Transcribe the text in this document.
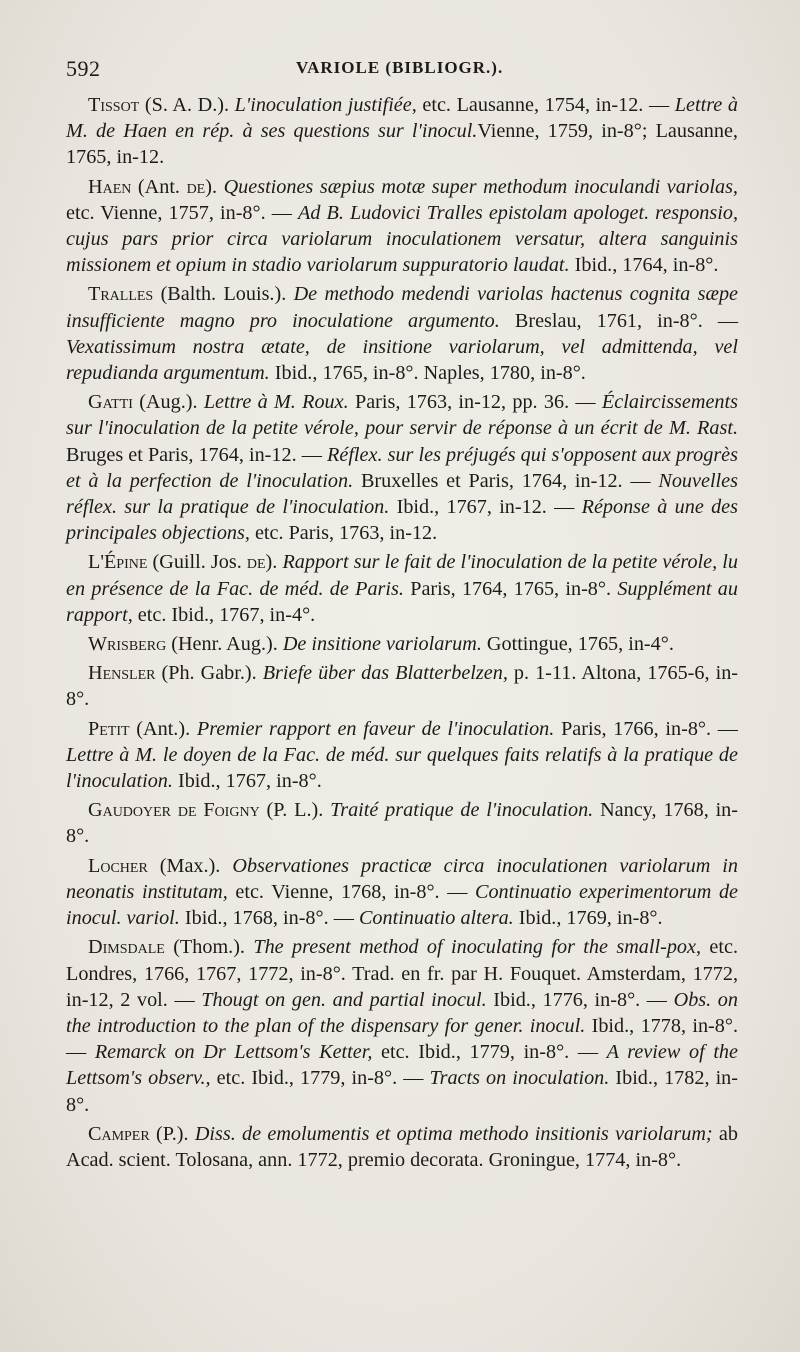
592	VARIOLE (BIBLIOGR.).

Tissot (S. A. D.). L'inoculation justifiée, etc. Lausanne, 1754, in-12. — Lettre à M. de Haen en rép. à ses questions sur l'inocul.Vienne, 1759, in-8°; Lausanne, 1765, in-12.

Haen (Ant. de). Questiones sæpius motæ super methodum inoculandi variolas, etc. Vienne, 1757, in-8°. — Ad B. Ludovici Tralles epistolam apologet. responsio, cujus pars prior circa variolarum inoculationem versatur, altera sanguinis missionem et opium in stadio variolarum suppuratorio laudat. Ibid., 1764, in-8°.

Tralles (Balth. Louis.). De methodo medendi variolas hactenus cognita sæpe insufficiente magno pro inoculatione argumento. Breslau, 1761, in-8°. — Vexatissimum nostra ætate, de insitione variolarum, vel admittenda, vel repudianda argumentum. Ibid., 1765, in-8°. Naples, 1780, in-8°.

Gatti (Aug.). Lettre à M. Roux. Paris, 1763, in-12, pp. 36. — Éclaircissements sur l'inoculation de la petite vérole, pour servir de réponse à un écrit de M. Rast. Bruges et Paris, 1764, in-12. — Réflex. sur les préjugés qui s'opposent aux progrès et à la perfection de l'inoculation. Bruxelles et Paris, 1764, in-12. — Nouvelles réflex. sur la pratique de l'inoculation. Ibid., 1767, in-12. — Réponse à une des principales objections, etc. Paris, 1763, in-12.

L'Épine (Guill. Jos. de). Rapport sur le fait de l'inoculation de la petite vérole, lu en présence de la Fac. de méd. de Paris. Paris, 1764, 1765, in-8°. Supplément au rapport, etc. Ibid., 1767, in-4°.

Wrisberg (Henr. Aug.). De insitione variolarum. Gottingue, 1765, in-4°.

Hensler (Ph. Gabr.). Briefe über das Blatterbelzen, p. 1-11. Altona, 1765-6, in-8°.

Petit (Ant.). Premier rapport en faveur de l'inoculation. Paris, 1766, in-8°. — Lettre à M. le doyen de la Fac. de méd. sur quelques faits relatifs à la pratique de l'inoculation. Ibid., 1767, in-8°.

Gaudoyer de Foigny (P. L.). Traité pratique de l'inoculation. Nancy, 1768, in-8°.

Locher (Max.). Observationes practicæ circa inoculationen variolarum in neonatis institutam, etc. Vienne, 1768, in-8°. — Continuatio experimentorum de inocul. variol. Ibid., 1768, in-8°. — Continuatio altera. Ibid., 1769, in-8°.

Dimsdale (Thom.). The present method of inoculating for the small-pox, etc. Londres, 1766, 1767, 1772, in-8°. Trad. en fr. par H. Fouquet. Amsterdam, 1772, in-12, 2 vol. — Thougt on gen. and partial inocul. Ibid., 1776, in-8°. — Obs. on the introduction to the plan of the dispensary for gener. inocul. Ibid., 1778, in-8°. — Remarck on Dr Lettsom's Ketter, etc. Ibid., 1779, in-8°. — A review of the Lettsom's observ., etc. Ibid., 1779, in-8°. — Tracts on inoculation. Ibid., 1782, in-8°.

Camper (P.). Diss. de emolumentis et optima methodo insitionis variolarum; ab Acad. scient. Tolosana, ann. 1772, premio decorata. Groningue, 1774, in-8°.
